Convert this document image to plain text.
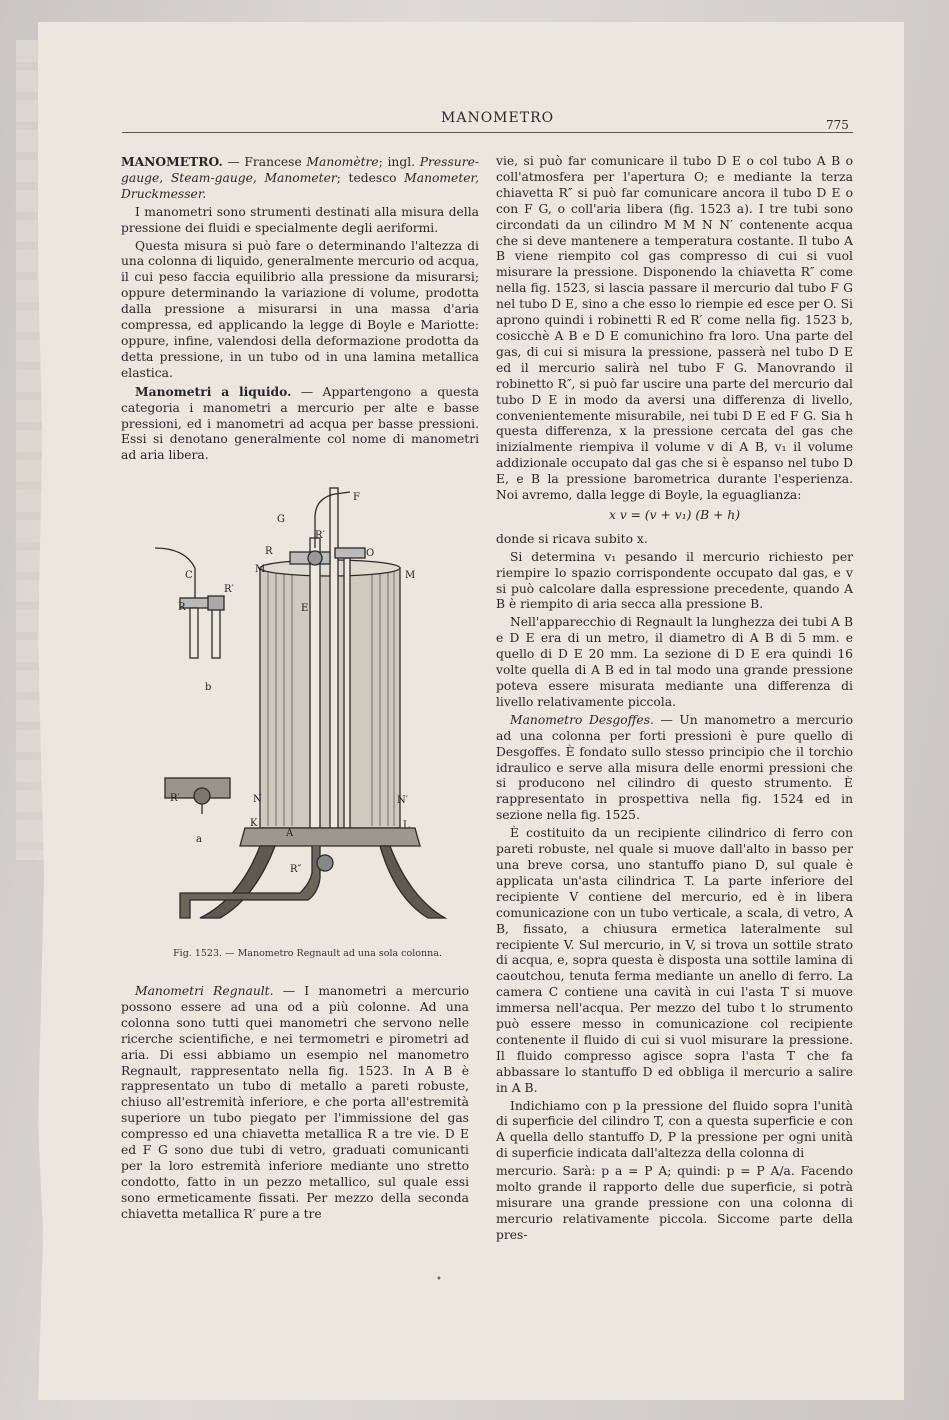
MANOMETRO	775

MANOMETRO. — Francese Manomètre; ingl. Pressure-gauge, Steam-gauge, Manometer; tedesco Manometer, Druckmesser.

I manometri sono strumenti destinati alla misura della pressione dei fluidi e specialmente degli aeriformi.

Questa misura si può fare o determinando l'altezza di una colonna di liquido, generalmente mercurio od acqua, il cui peso faccia equilibrio alla pressione da misurarsi; oppure determinando la variazione di volume, prodotta dalla pressione a misurarsi in una massa d'aria compressa, ed applicando la legge di Boyle e Mariotte: oppure, infine, valendosi della deformazione prodotta da detta pressione, in un tubo od in una lamina metallica elastica.

Manometri a liquido. — Appartengono a questa categoria i manometri a mercurio per alte e basse pressioni, ed i manometri ad acqua per basse pressioni. Essi si denotano generalmente col nome di manometri ad aria libera.

F
G
R′
R	O
M
M
E
C
R
R′
b
R′
a
N	N′
K	L
A
R″
Fig. 1523. — Manometro Regnault ad una sola colonna.

Manometri Regnault. — I manometri a mercurio possono essere ad una od a più colonne. Ad una colonna sono tutti quei manometri che servono nelle ricerche scientifiche, e nei termometri e pirometri ad aria. Di essi abbiamo un esempio nel manometro Regnault, rappresentato nella fig. 1523. In A B è rappresentato un tubo di metallo a pareti robuste, chiuso all'estremità inferiore, e che porta all'estremità superiore un tubo piegato per l'immissione del gas compresso ed una chiavetta metallica R a tre vie. D E ed F G sono due tubi di vetro, graduati comunicanti per la loro estremità inferiore mediante uno stretto condotto, fatto in un pezzo metallico, sul quale essi sono ermeticamente fissati. Per mezzo della seconda chiavetta metallica R′ pure a tre

vie, si può far comunicare il tubo D E o col tubo A B o coll'atmosfera per l'apertura O; e mediante la terza chiavetta R″ si può far comunicare ancora il tubo D E o con F G, o coll'aria libera (fig. 1523 a). I tre tubi sono circondati da un cilindro M M N N′ contenente acqua che si deve mantenere a temperatura costante. Il tubo A B viene riempito col gas compresso di cui si vuol misurare la pressione. Disponendo la chiavetta R″ come nella fig. 1523, si lascia passare il mercurio dal tubo F G nel tubo D E, sino a che esso lo riempie ed esce per O. Si aprono quindi i robinetti R ed R′ come nella fig. 1523 b, cosicchè A B e D E comunichino fra loro. Una parte del gas, di cui si misura la pressione, passerà nel tubo D E ed il mercurio salirà nel tubo F G. Manovrando il robinetto R″, si può far uscire una parte del mercurio dal tubo D E in modo da aversi una differenza di livello, convenientemente misurabile, nei tubi D E ed F G. Sia h questa differenza, x la pressione cercata del gas che inizialmente riempiva il volume v di A B, v₁ il volume addizionale occupato dal gas che si è espanso nel tubo D E, e B la pressione barometrica durante l'esperienza. Noi avremo, dalla legge di Boyle, la eguaglianza:

x v = (v + v₁) (B + h)

donde si ricava subito x.

Si determina v₁ pesando il mercurio richiesto per riempire lo spazio corrispondente occupato dal gas, e v si può calcolare dalla espressione precedente, quando A B è riempito di aria secca alla pressione B.

Nell'apparecchio di Regnault la lunghezza dei tubi A B e D E era di un metro, il diametro di A B di 5 mm. e quello di D E 20 mm. La sezione di D E era quindi 16 volte quella di A B ed in tal modo una grande pressione poteva essere misurata mediante una differenza di livello relativamente piccola.

Manometro Desgoffes. — Un manometro a mercurio ad una colonna per forti pressioni è pure quello di Desgoffes. È fondato sullo stesso principio che il torchio idraulico e serve alla misura delle enormi pressioni che si producono nel cilindro di questo strumento. È rappresentato in prospettiva nella fig. 1524 ed in sezione nella fig. 1525.

È costituito da un recipiente cilindrico di ferro con pareti robuste, nel quale si muove dall'alto in basso per una breve corsa, uno stantuffo piano D, sul quale è applicata un'asta cilindrica T. La parte inferiore del recipiente V contiene del mercurio, ed è in libera comunicazione con un tubo verticale, a scala, di vetro, A B, fissato, a chiusura ermetica lateralmente sul recipiente V. Sul mercurio, in V, si trova un sottile strato di acqua, e, sopra questa è disposta una sottile lamina di caoutchou, tenuta ferma mediante un anello di ferro. La camera C contiene una cavità in cui l'asta T si muove immersa nell'acqua. Per mezzo del tubo t lo strumento può essere messo in comunicazione col recipiente contenente il fluido di cui si vuol misurare la pressione. Il fluido compresso agisce sopra l'asta T che fa abbassare lo stantuffo D ed obbliga il mercurio a salire in A B.

Indichiamo con p la pressione del fluido sopra l'unità di superficie del cilindro T, con a questa superficie e con A quella dello stantuffo D, P la pressione per ogni unità di superficie indicata dall'altezza della colonna di

mercurio. Sarà: p a = P A; quindi: p = P A/a. Facendo molto grande il rapporto delle due superficie, si potrà misurare una grande pressione con una colonna di mercurio relativamente piccola. Siccome parte della pres-

•
